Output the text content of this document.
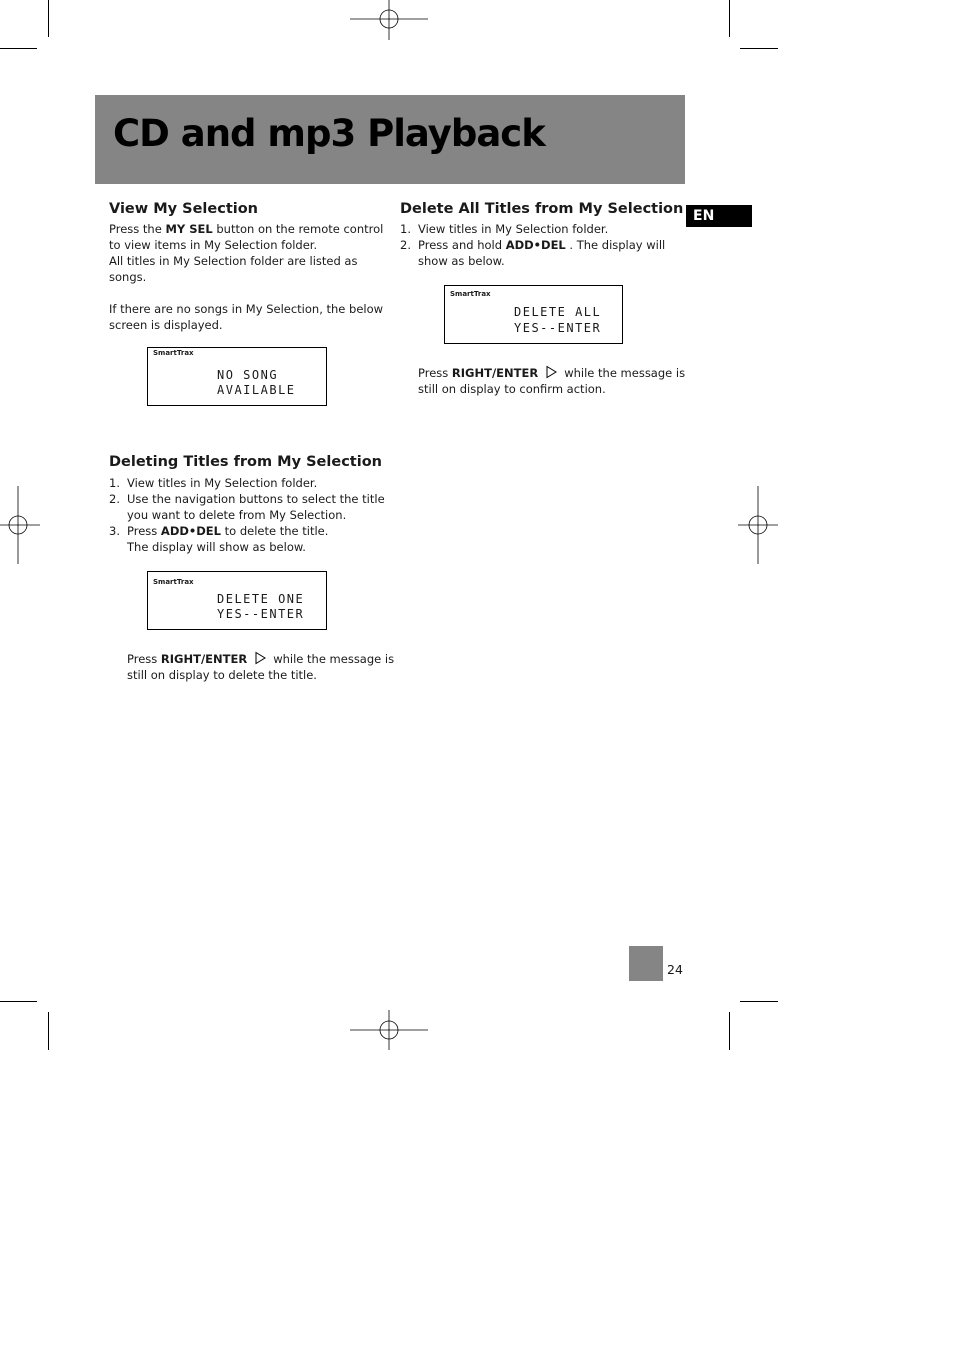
CD and mp3 Playback
EN
View My Selection
Press the MY SEL button on the remote control
to view items in My Selection folder.
All titles in My Selection folder are listed as
songs.
If there are no songs in My Selection, the below
screen is displayed.
SmartTrax
NO SONG
AVAILABLE
Deleting Titles from My Selection
1. View titles in My Selection folder.
2. Use the navigation buttons to select the title
you want to delete from My Selection.
3. Press ADD•DEL to delete the title.
The display will show as below.
SmartTrax
DELETE ONE
YES--ENTER
Press RIGHT/ENTER while the message is
still on display to delete the title.
Delete All Titles from My Selection
1. View titles in My Selection folder.
2. Press and hold ADD•DEL . The display will
show as below.
SmartTrax
DELETE ALL
YES--ENTER
Press RIGHT/ENTER while the message is
still on display to confirm action.
24
